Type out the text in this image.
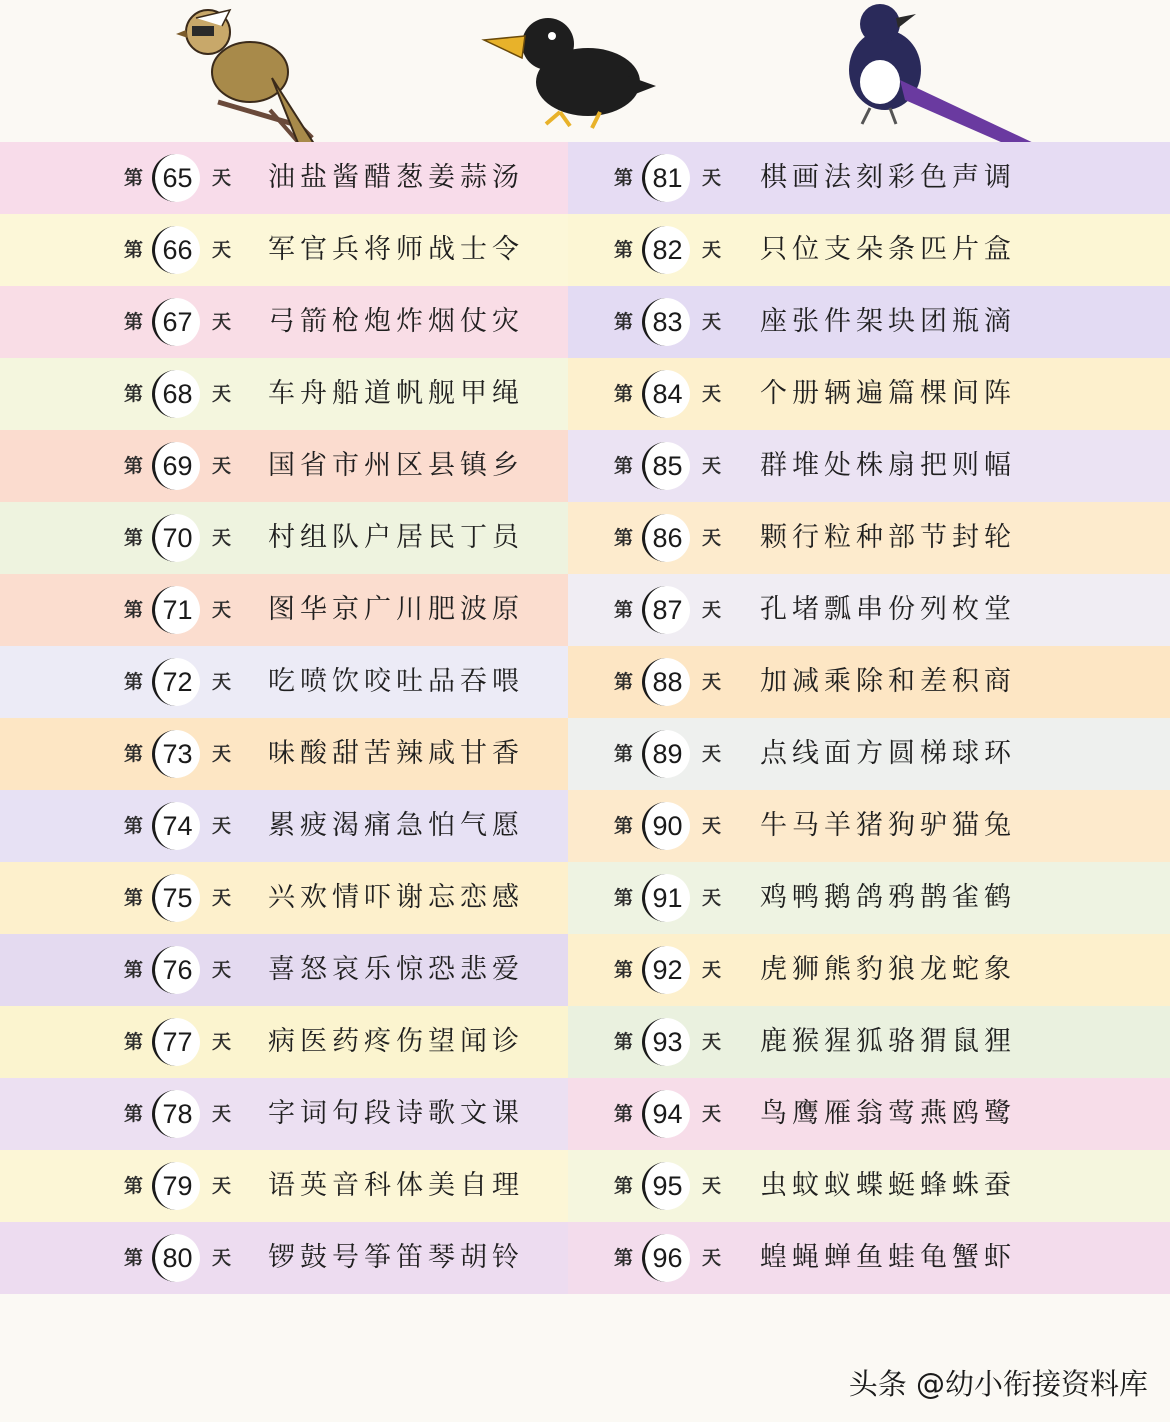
第 65	天 油盐酱醋葱姜蒜汤
第 66	天 军官兵将师战士令
第 67	天 弓箭枪炮炸烟仗灾
第 68	天 车舟船道帆舰甲绳
第 69	天 国省市州区县镇乡
第 70	天 村组队户居民丁员
第 71	天 图华京广川肥波原
第 72	天 吃喷饮咬吐品吞喂
第 73	天 味酸甜苦辣咸甘香
第 74	天 累疲渴痛急怕气愿
第 75	天 兴欢情吓谢忘恋感
第 76	天 喜怒哀乐惊恐悲爱
第 77	天 病医药疼伤望闻诊
第 78	天 字词句段诗歌文课
第 79	天 语英音科体美自理
第 80	天 锣鼓号筝笛琴胡铃
第 81	天 棋画法刻彩色声调
第 82	天 只位支朵条匹片盒
第 83	天 座张件架块团瓶滴
第 84	天 个册辆遍篇棵间阵
第 85	天 群堆处株扇把则幅
第 86	天 颗行粒种部节封轮
第 87	天 孔堵瓢串份列枚堂
第 88	天 加减乘除和差积商
第 89	天 点线面方圆梯球环
第 90	天 牛马羊猪狗驴猫兔
第 91	天 鸡鸭鹅鸽鸦鹊雀鹤
第 92	天 虎狮熊豹狼龙蛇象
第 93	天 鹿猴猩狐骆猬鼠狸
第 94	天 鸟鹰雁翁莺燕鸥鹭
第 95	天 虫蚊蚁蝶蜓蜂蛛蚕
第 96	天 蝗蝇蝉鱼蛙龟蟹虾
头条 @幼小衔接资料库
